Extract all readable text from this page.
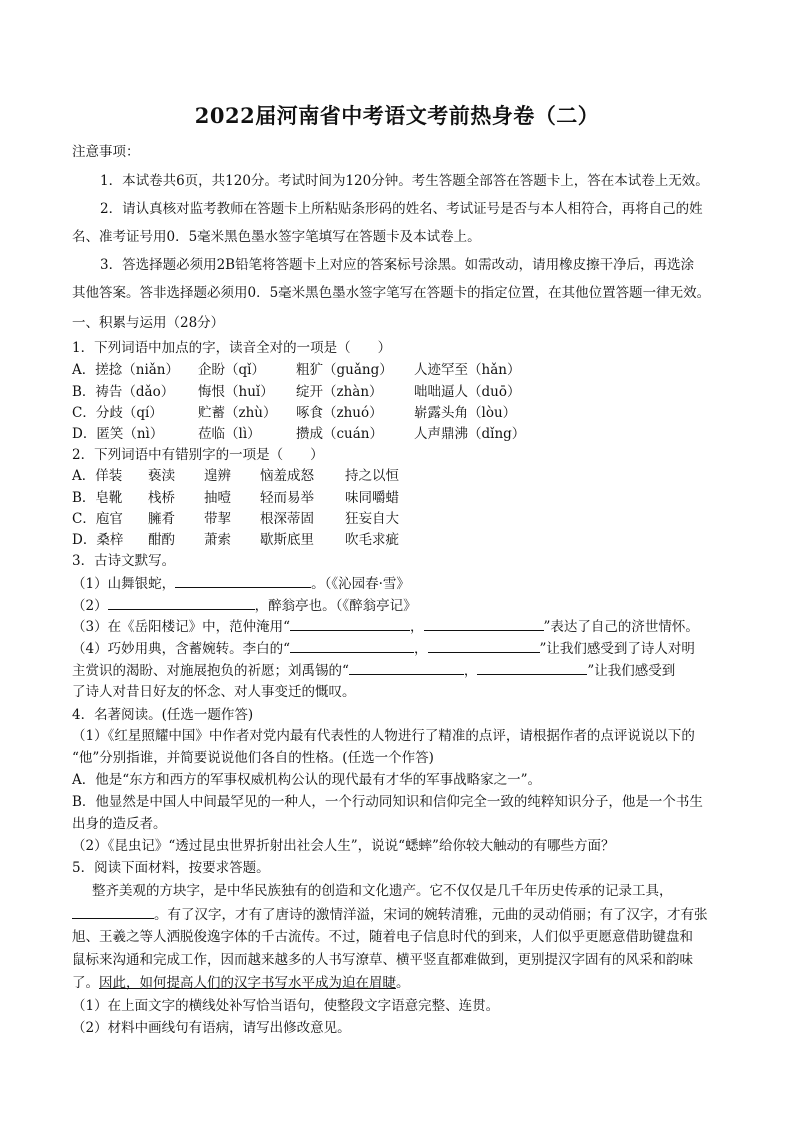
2022届河南省中考语文考前热身卷（二）
注意事项：
1．本试卷共6页，共120分。考试时间为120分钟。考生答题全部答在答题卡上，答在本试卷上无效。
2．请认真核对监考教师在答题卡上所粘贴条形码的姓名、考试证号是否与本人相符合，再将自己的姓
名、准考证号用0．5毫米黑色墨水签字笔填写在答题卡及本试卷上。
3．答选择题必须用2B铅笔将答题卡上对应的答案标号涂黑。如需改动，请用橡皮擦干净后，再选涂
其他答案。答非选择题必须用0．5毫米黑色墨水签字笔写在答题卡的指定位置，在其他位置答题一律无效。
一、积累与运用（28分）
1．下列词语中加点的字，读音全对的一项是（　　）
A．搓捻（niǎn） 企盼（qǐ） 粗犷（guǎng） 人迹罕至（hǎn）
B．祷告（dǎo） 悔恨（huǐ） 绽开（zhàn） 咄咄逼人（duō）
C．分歧（qí）	贮蓄（zhù） 啄食（zhuó） 崭露头角（lòu）
D．匿笑（nì）	莅临（lì）	攒成（cuán） 人声鼎沸（dǐng）
2．下列词语中有错别字的一项是（　　）
A．佯装 亵渎 遑辨 恼羞成怒 持之以恒
B．皂靴 栈桥 抽噎 轻而易举 味同嚼蜡
C．庖官 臃肴 带挈 根深蒂固 狂妄自大
D．桑梓 酣酌 萧索 歇斯底里 吹毛求疵
3．古诗文默写。
（1）山舞银蛇，	。（《沁园春·雪》
（2）	，醉翁亭也。（《醉翁亭记》
（3）在《岳阳楼记》中，范仲淹用“	，	”表达了自己的济世情怀。
（4）巧妙用典，含蓄婉转。李白的“	，	”让我们感受到了诗人对明
主赏识的渴盼、对施展抱负的祈愿；刘禹锡的“	，	”让我们感受到
了诗人对昔日好友的怀念、对人事变迁的慨叹。
4．名著阅读。(任选一题作答)
（1）《红星照耀中国》中作者对党内最有代表性的人物进行了精准的点评，请根据作者的点评说说以下的
“他”分别指谁，并简要说说他们各自的性格。(任选一个作答)
A．他是“东方和西方的军事权威机构公认的现代最有才华的军事战略家之一”。
B．他显然是中国人中间最罕见的一种人，一个行动同知识和信仰完全一致的纯粹知识分子，他是一个书生
出身的造反者。
（2）《昆虫记》“透过昆虫世界折射出社会人生”，说说“蟋蟀”给你较大触动的有哪些方面？
5．阅读下面材料，按要求答题。
整齐美观的方块字，是中华民族独有的创造和文化遗产。它不仅仅是几千年历史传承的记录工具，
。有了汉字，才有了唐诗的激情洋溢，宋词的婉转清雅，元曲的灵动俏丽；有了汉字，才有张
旭、王羲之等人洒脱俊逸字体的千古流传。不过，随着电子信息时代的到来，人们似乎更愿意借助键盘和
鼠标来沟通和完成工作，因而越来越多的人书写潦草、横平竖直都难做到，更别提汉字固有的风采和韵味
了。因此，如何提高人们的汉字书写水平成为迫在眉睫。
（1）在上面文字的横线处补写恰当语句，使整段文字语意完整、连贯。
（2）材料中画线句有语病，请写出修改意见。
